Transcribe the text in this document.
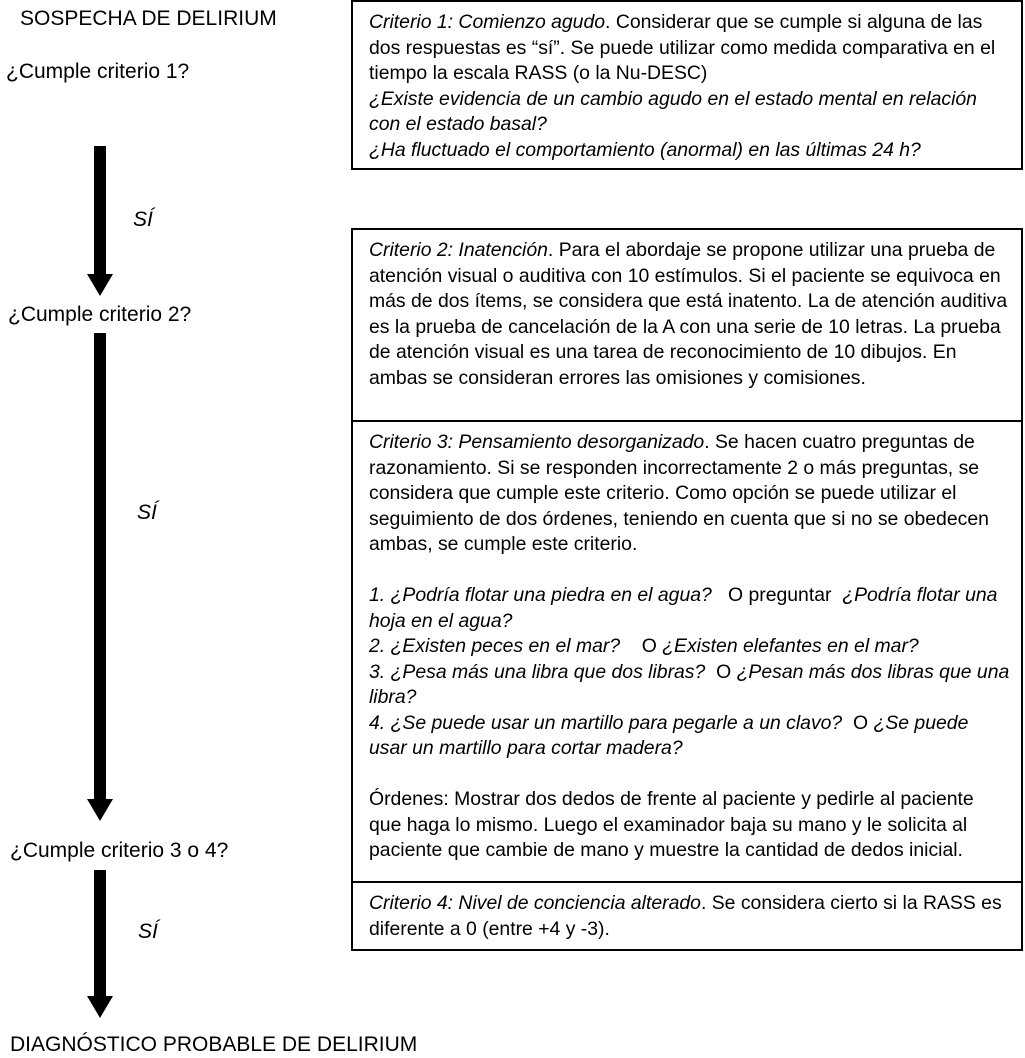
SOSPECHA DE DELIRIUM
¿Cumple criterio 1?
SÍ
¿Cumple criterio 2?
SÍ
¿Cumple criterio 3 o 4?
SÍ
DIAGNÓSTICO PROBABLE DE DELIRIUM

Criterio 1: Comienzo agudo. Considerar que se cumple si alguna de las dos respuestas es “sí”. Se puede utilizar como medida comparativa en el tiempo la escala RASS (o la Nu-DESC)

¿Existe evidencia de un cambio agudo en el estado mental en relación con el estado basal?

¿Ha fluctuado el comportamiento (anormal) en las últimas 24 h?

Criterio 2: Inatención. Para el abordaje se propone utilizar una prueba de atención visual o auditiva con 10 estímulos. Si el paciente se equivoca en más de dos ítems, se considera que está inatento. La de atención auditiva es la prueba de cancelación de la A con una serie de 10 letras. La prueba de atención visual es una tarea de reconocimiento de 10 dibujos. En ambas se consideran errores las omisiones y comisiones.

Criterio 3: Pensamiento desorganizado. Se hacen cuatro preguntas de razonamiento. Si se responden incorrectamente 2 o más preguntas, se considera que cumple este criterio. Como opción se puede utilizar el seguimiento de dos órdenes, teniendo en cuenta que si no se obedecen ambas, se cumple este criterio.

1. ¿Podría flotar una piedra en el agua? O preguntar ¿Podría flotar una hoja en el agua?

2. ¿Existen peces en el mar? O ¿Existen elefantes en el mar?

3. ¿Pesa más una libra que dos libras? O ¿Pesan más dos libras que una libra?

4. ¿Se puede usar un martillo para pegarle a un clavo? O ¿Se puede usar un martillo para cortar madera?

Órdenes: Mostrar dos dedos de frente al paciente y pedirle al paciente que haga lo mismo. Luego el examinador baja su mano y le solicita al paciente que cambie de mano y muestre la cantidad de dedos inicial.

Criterio 4: Nivel de conciencia alterado. Se considera cierto si la RASS es diferente a 0 (entre +4 y -3).
